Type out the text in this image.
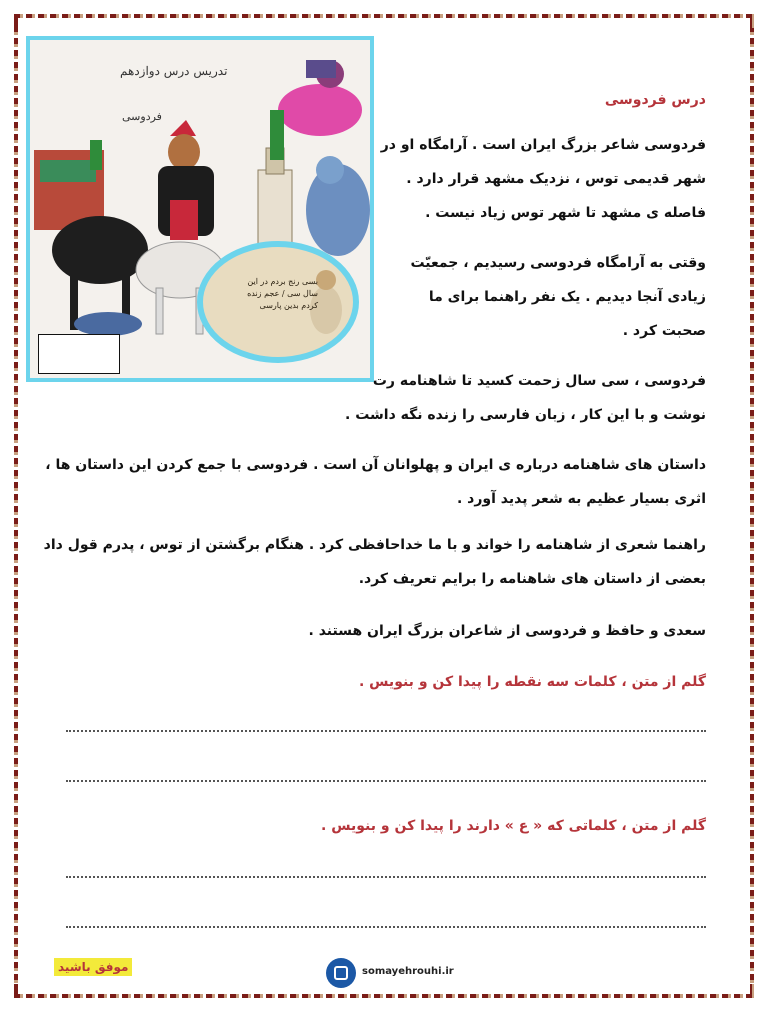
تدریس درس دوازدهم
فردوسی
بسی رنج بردم در این سال سی / عجم زنده کردم بدین پارسی
درس فردوسی

فردوسی شاعر بزرگ ایران است . آرامگاه او در
شهر قدیمی توس ، نزدیک مشهد قرار دارد .
فاصله ی مشهد تا شهر توس زیاد نیست .

وقتی به آرامگاه فردوسی رسیدیم ، جمعیّت
زیادی آنجا دیدیم . یک نفر راهنما برای ما
صحبت کرد .

فردوسی ، سی سال زحمت کسید تا شاهنامه رت
نوشت و با این کار ، زبان فارسی را زنده نگه داشت .

داستان های شاهنامه درباره ی ایران و پهلوانان آن است . فردوسی با جمع کردن این داستان ها ،
اثری بسیار عظیم به شعر پدید آورد .

راهنما شعری از شاهنامه را خواند و با ما خداحافظی کرد . هنگام برگشتن از توس ، پدرم قول داد
بعضی از داستان های شاهنامه را برایم تعریف کرد.

سعدی و حافظ و فردوسی از شاعران بزرگ ایران هستند .

گلم از متن ، کلمات سه نقطه را پیدا کن و بنویس .
گلم از متن ، کلماتی که « ع » دارند را پیدا کن و بنویس .
موفق باشید	somayehrouhi.ir
